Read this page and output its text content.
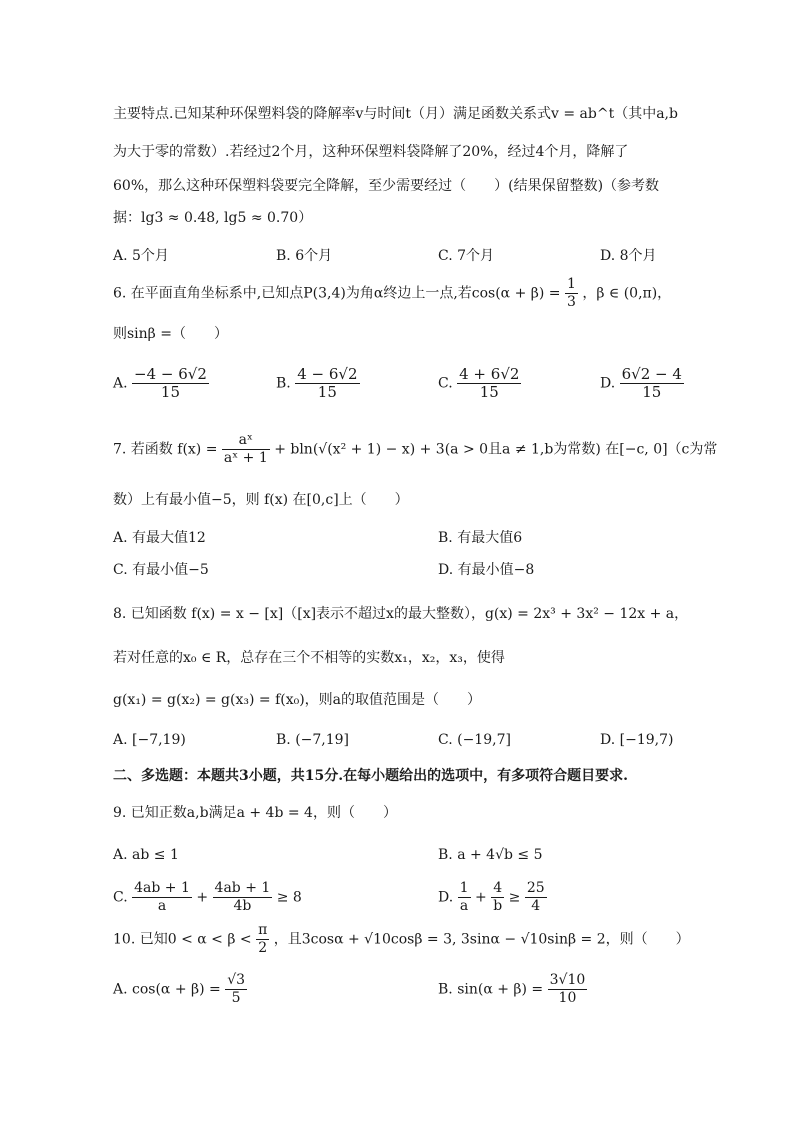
主要特点.已知某种环保塑料袋的降解率v与时间t（月）满足函数关系式v = ab^t（其中a,b
为大于零的常数）.若经过2个月，这种环保塑料袋降解了20%，经过4个月，降解了
60%，那么这种环保塑料袋要完全降解，至少需要经过（　　）(结果保留整数)（参考数
据：lg3 ≈ 0.48, lg5 ≈ 0.70）
A. 5个月	B. 6个月	C. 7个月	D. 8个月
6. 在平面直角坐标系中,已知点P(3,4)为角α终边上一点,若$\cos(\alpha + \beta) = \frac{1}{3}$ ，β ∈ (0,π)，
则sinβ =（　　）
A. $\frac{-4 - 6√2}{15}$	B. $\frac{4 - 6√2}{15}$	C. $\frac{4 + 6√2}{15}$	D. $\frac{6√2 - 4}{15}$
7. 若函数 $f(x) = \frac{\text{aˣ}}{\text{aˣ + 1}} + bln(√(x^2 + 1) - x) + 3(a > 0$且a ≠ 1,b为常数) 在[−c, 0]（c为常
数）上有最小值−5，则 f(x) 在[0,c]上（　　）
A. 有最大值12	B. 有最大值6
C. 有最小值−5	D. 有最小值−8
8. 已知函数 f(x) = x − [x]（[x]表示不超过x的最大整数），g(x) = 2x³ + 3x² − 12x + a，
若对任意的x₀ ∈ R，总存在三个不相等的实数x₁，x₂，x₃，使得
g(x₁) = g(x₂) = g(x₃) = f(x₀)，则a的取值范围是（　　）
A. [−7,19)	B. (−7,19]	C. (−19,7]	D. [−19,7)
二、多选题：本题共3小题，共15分.在每小题给出的选项中，有多项符合题目要求.
9. 已知正数a,b满足a + 4b = 4，则（　　）
A. ab ≤ 1	B. a + 4√b ≤ 5
C. $\frac{4ab + 1}{a} + \frac{4ab + 1}{4b} \ge 8$	D. $\frac{1}{a} + \frac{4}{b} \ge \frac{25}{4}$
10. 已知$0 < \alpha < \beta < \frac{\pi}{2}$ ，且3cosα + √10cosβ = 3, 3sinα − √10sinβ = 2，则（　　）
A. $\cos(\alpha + \beta) = \frac{√3}{5}$	B. $\sin(\alpha + \beta) = \frac{3√10}{10}$
